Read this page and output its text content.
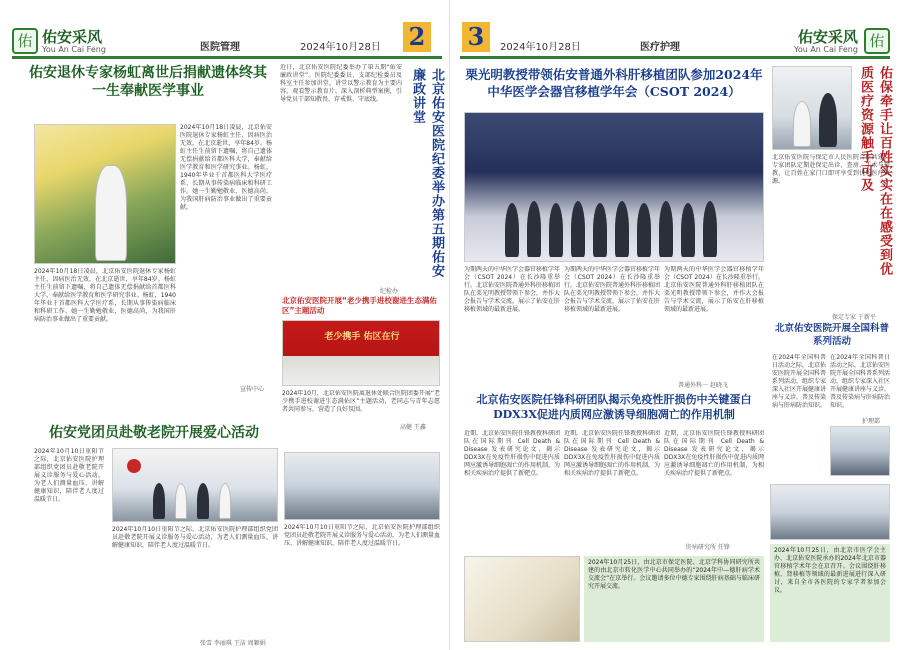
佑 佑安采风
You An Cai Feng	医院管理	2024年10月28日 2
佑安退休专家杨虹离世后捐献遗体终其一生奉献医学事业
2024年10月18日凌晨，北京佑安医院退休专家杨虹主任，因病医治无效，在北京逝世，享年84岁。杨虹主任生前留下遗嘱，将自己遗体无偿捐献给首都医科大学，奉献给医学教育和医学研究事业。杨虹，1940年毕业于首都医科大学医疗系，长期从事传染病临床和科研工作。她一生勤勉敬业，医德高尚，为我国肝病防治事业做出了重要贡献。
2024年10月18日凌晨，北京佑安医院退休专家杨虹主任，因病医治无效，在北京逝世，享年84岁。杨虹主任生前留下遗嘱，将自己遗体无偿捐献给首都医科大学，奉献给医学教育和医学研究事业。杨虹，1940年毕业于首都医科大学医疗系，长期从事传染病临床和科研工作。她一生勤勉敬业，医德高尚，为我国肝病防治事业做出了重要贡献。
宣传中心
北京佑安医院纪委举办第五期佑安廉政讲堂
近日，北京佑安医院纪委举办了第五期“佑安廉政讲堂”。医院纪委委员、支部纪检委员及科室主任参加讲堂。讲堂以警示教育为主要内容，观看警示教育片，深入剖析典型案例，引导党员干部知敬畏、存戒惧、守底线。
纪检办
北京佑安医院开展“老少携手进校谢进生态满佑区”主题活动
老少携手 佑区在行
2024年10月，北京佑安医院离退休处联合医院团委开展“老少携手进校谢进生态满佑区”主题活动，老同志与青年志愿者共同参与，营造了良好氛围。
高健 王鑫
佑安党团员赴敬老院开展爱心活动
2024年10月10日重阳节之际，北京佑安医院护理部组织党团员赴敬老院开展义诊服务与爱心活动，为老人们测量血压、讲解健康知识，陪伴老人度过温暖节日。
2024年10月10日重阳节之际，北京佑安医院护理部组织党团员赴敬老院开展义诊服务与爱心活动，为老人们测量血压、讲解健康知识，陪伴老人度过温暖节日。
2024年10月10日重阳节之际，北京佑安医院护理部组织党团员赴敬老院开展义诊服务与爱心活动，为老人们测量血压、讲解健康知识，陪伴老人度过温暖节日。
张雪 李丽琪 王洁 周颖娟
3	2024年10月28日	医疗护理
佑安采风
You An Cai Feng 佑
栗光明教授带领佑安普通外科肝移植团队参加2024年中华医学会器官移植学年会（CSOT 2024）
为期两天的中华医学会器官移植学年会（CSOT 2024）在长沙隆重举行。北京佑安医院普通外科肝移植团队在栗光明教授带领下参会，并作大会报告与学术交流，展示了佑安在肝移植领域的最新进展。
为期两天的中华医学会器官移植学年会（CSOT 2024）在长沙隆重举行。北京佑安医院普通外科肝移植团队在栗光明教授带领下参会，并作大会报告与学术交流，展示了佑安在肝移植领域的最新进展。
为期两天的中华医学会器官移植学年会（CSOT 2024）在长沙隆重举行。北京佑安医院普通外科肝移植团队在栗光明教授带领下参会，并作大会报告与学术交流，展示了佑安在肝移植领域的最新进展。
普通外科一 赵晓飞
佑保牵手让百姓实实在在感受到优质医疗资源触手可及
北京佑安医院与保定市人民医院合作共建，专家团队定期赴保定出诊、查房、手术与带教，让百姓在家门口即可享受到优质医疗资源。
保定专家 于新平
北京佑安医院开展全国科普系列活动
在2024年全国科普日活动之际，北京佑安医院开展全国科普系列活动，组织专家深入社区开展健康讲座与义诊，普及传染病与肝病防治知识。
在2024年全国科普日活动之际，北京佑安医院开展全国科普系列活动，组织专家深入社区开展健康讲座与义诊，普及传染病与肝病防治知识。
护理部
北京佑安医院任锋科研团队揭示免疫性肝损伤中关键蛋白DDX3X促进内质网应激诱导细胞凋亡的作用机制
近期，北京佑安医院任锋教授科研团队在国际期刊 Cell Death & Disease 发表研究论文，揭示DDX3X在免疫性肝损伤中促进内质网应激诱导细胞凋亡的作用机制，为相关疾病治疗提供了新靶点。
近期，北京佑安医院任锋教授科研团队在国际期刊 Cell Death & Disease 发表研究论文，揭示DDX3X在免疫性肝损伤中促进内质网应激诱导细胞凋亡的作用机制，为相关疾病治疗提供了新靶点。
近期，北京佑安医院任锋教授科研团队在国际期刊 Cell Death & Disease 发表研究论文，揭示DDX3X在免疫性肝损伤中促进内质网应激诱导细胞凋亡的作用机制，为相关疾病治疗提供了新靶点。
肝病研究所 任锋
2024年10月25日，由北京市保定医院、北京学科协同研究所共建的由北京市转化医学中心共同举办的“2024年中—德肝病学术交流会”在京举行。会议邀请多位中德专家围绕肝病基础与临床研究开展交流。
2024年10月25日，由北京市医学会主办、北京佑安医院承办的2024年北京市器官移植学术年会在京召开。会议围绕肝移植、肾移植等领域的最新进展进行深入研讨，来自全市各医院的专家学者参加会议。
